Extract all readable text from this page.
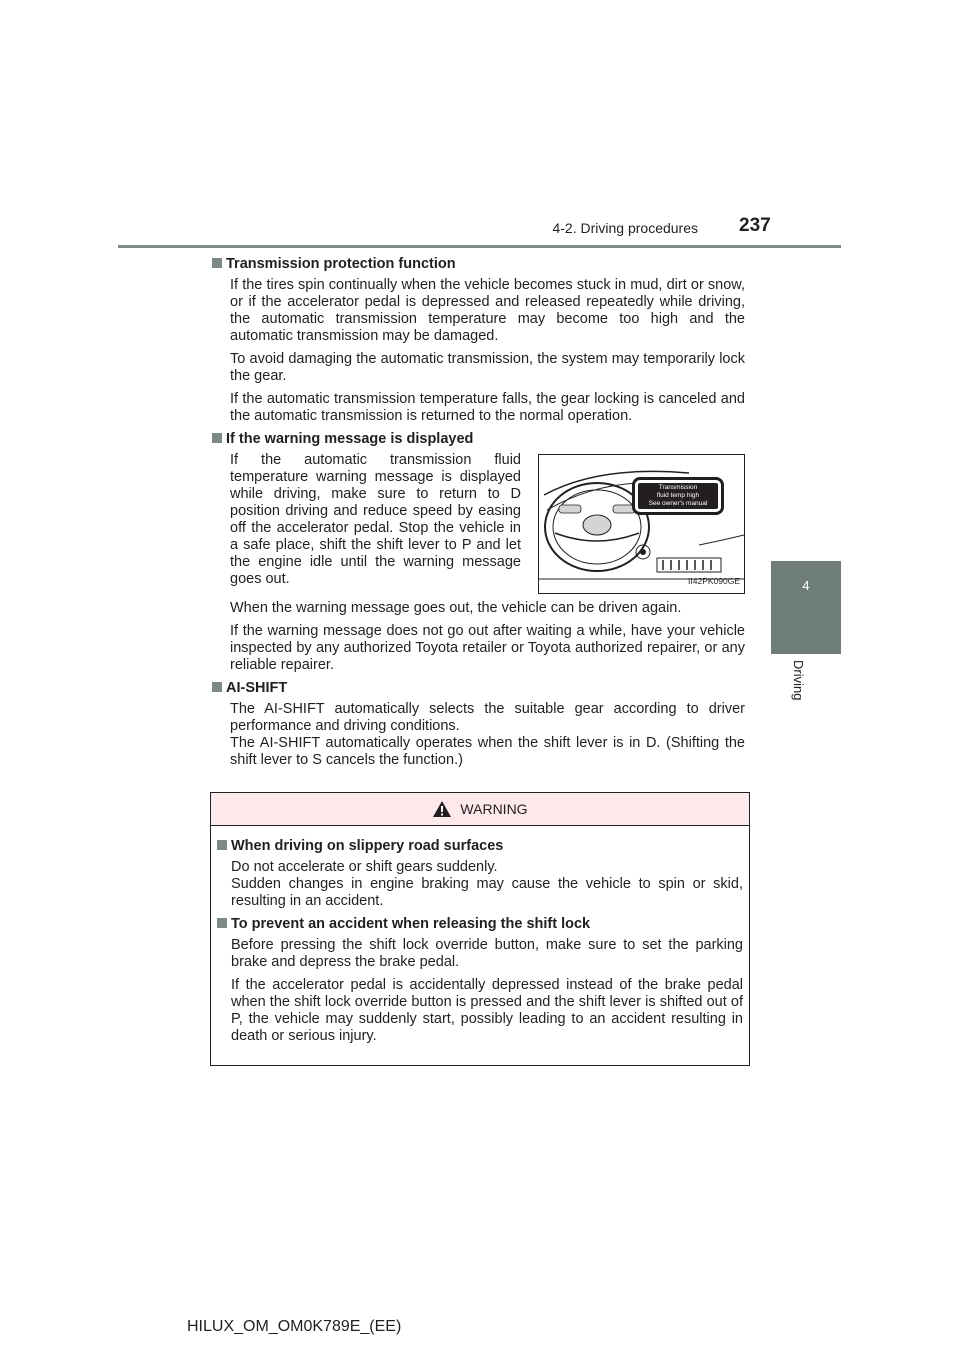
4-2. Driving procedures 237
4
Driving
Transmission protection function

If the tires spin continually when the vehicle becomes stuck in mud, dirt or snow, or if the accelerator pedal is depressed and released repeatedly while driving, the automatic transmission temperature may become too high and the automatic transmission may be damaged.

To avoid damaging the automatic transmission, the system may temporarily lock the gear.

If the automatic transmission temperature falls, the gear locking is canceled and the automatic transmission is returned to the normal operation.

If the warning message is displayed

If the automatic transmission fluid temperature warning message is displayed while driving, make sure to return to D position driving and reduce speed by easing off the accelerator pedal. Stop the vehicle in a safe place, shift the shift lever to P and let the engine idle until the warning message goes out.

Transmission
fluid temp high
See owner's manual
II42PK090GE

When the warning message goes out, the vehicle can be driven again.

If the warning message does not go out after waiting a while, have your vehicle inspected by any authorized Toyota retailer or Toyota authorized repairer, or any reliable repairer.

AI-SHIFT

The AI-SHIFT automatically selects the suitable gear according to driver performance and driving conditions.
The AI-SHIFT automatically operates when the shift lever is in D. (Shifting the shift lever to S cancels the function.)

WARNING
When driving on slippery road surfaces

Do not accelerate or shift gears suddenly.
Sudden changes in engine braking may cause the vehicle to spin or skid, resulting in an accident.

To prevent an accident when releasing the shift lock

Before pressing the shift lock override button, make sure to set the parking brake and depress the brake pedal.

If the accelerator pedal is accidentally depressed instead of the brake pedal when the shift lock override button is pressed and the shift lever is shifted out of P, the vehicle may suddenly start, possibly leading to an accident resulting in death or serious injury.

HILUX_OM_OM0K789E_(EE)
